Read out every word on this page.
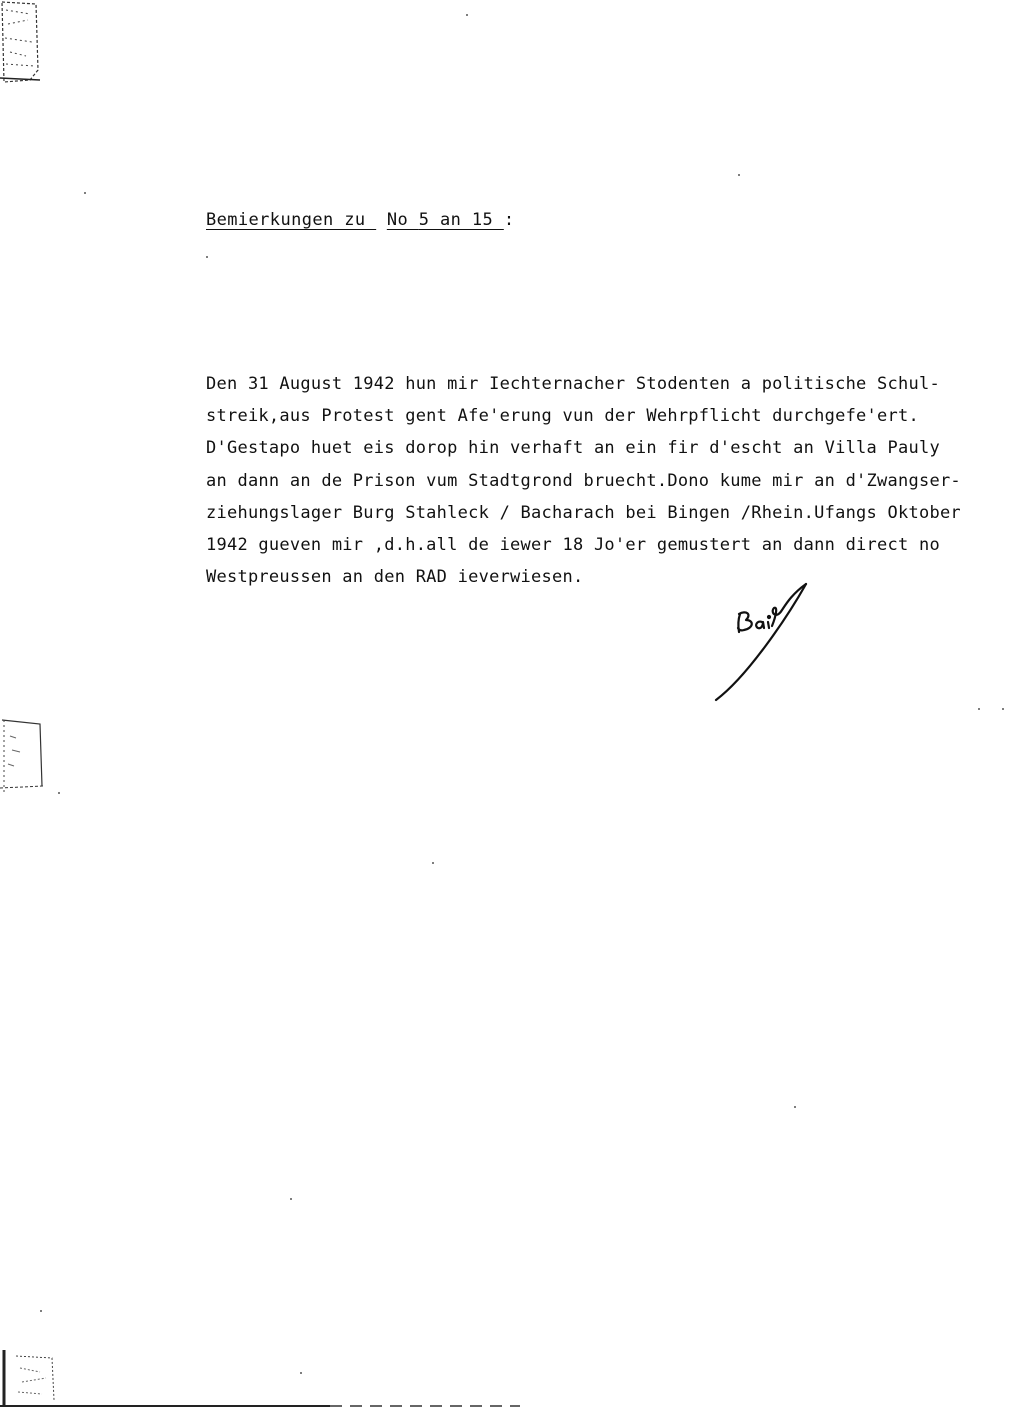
Bemierkungen zu  No 5 an 15 :
Den 31 August 1942 hun mir Iechternacher Stodenten a politische Schul-
streik,aus Protest gent Afe'erung vun der Wehrpflicht durchgefe'ert.
D'Gestapo huet eis dorop hin verhaft an ein fir d'escht an Villa Pauly
an dann an de Prison vum Stadtgrond bruecht.Dono kume mir an d'Zwangser-
ziehungslager Burg Stahleck / Bacharach bei Bingen /Rhein.Ufangs Oktober
1942 gueven mir ,d.h.all de iewer 18 Jo'er gemustert an dann direct no
Westpreussen an den RAD ieverwiesen.
